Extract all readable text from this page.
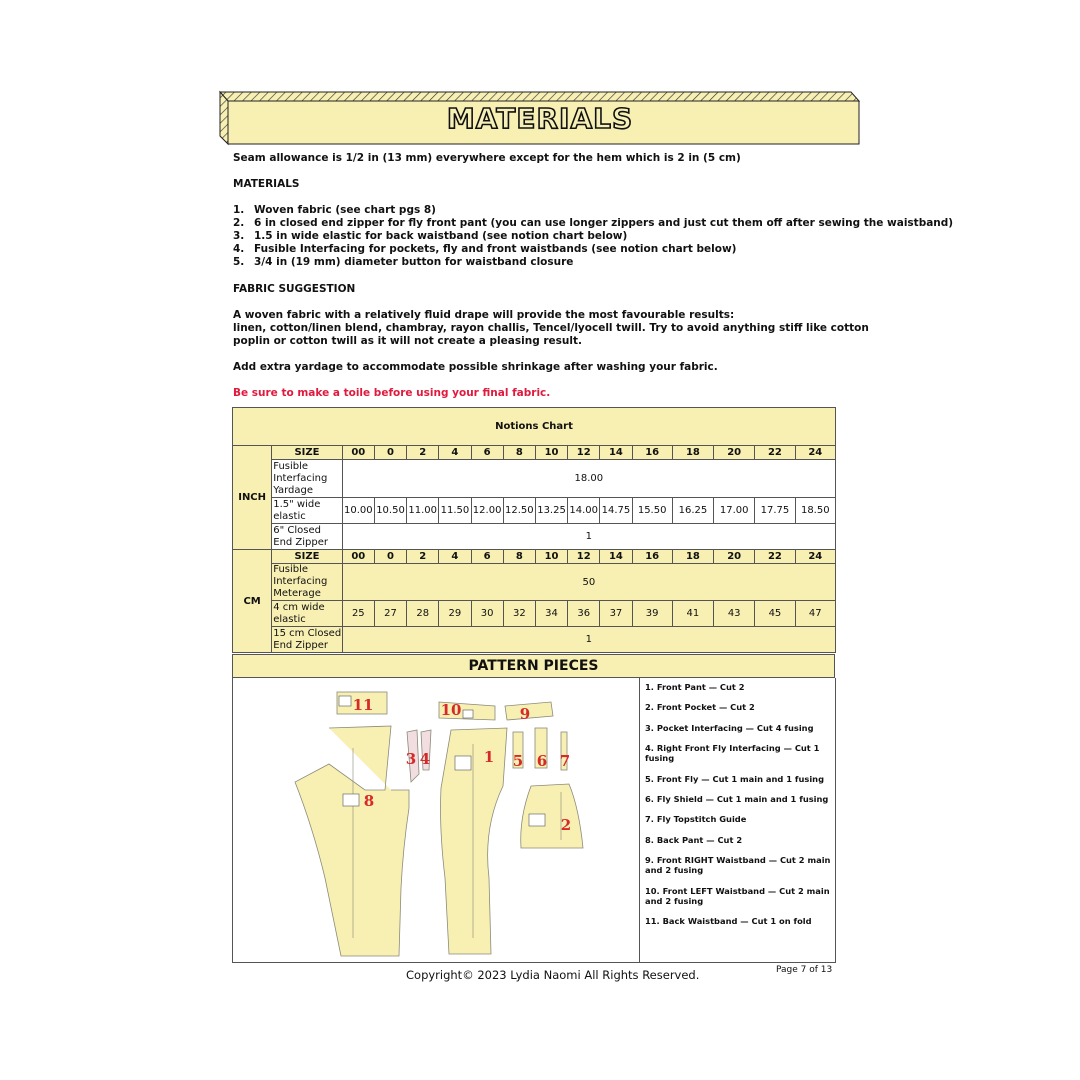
MATERIALS
Seam allowance is 1/2 in (13 mm) everywhere except for the hem which is 2 in (5 cm)
MATERIALS
1. Woven fabric (see chart pgs 8)
2. 6 in closed end zipper for fly front pant (you can use longer zippers and just cut them off after sewing the waistband)
3. 1.5 in wide elastic for back waistband (see notion chart below)
4. Fusible Interfacing for pockets, fly and front waistbands (see notion chart below)
5. 3/4 in (19 mm) diameter button for waistband closure
FABRIC SUGGESTION
A woven fabric with a relatively fluid drape will provide the most favourable results:
linen, cotton/linen blend, chambray, rayon challis, Tencel/lyocell twill. Try to avoid anything stiff like cotton poplin or cotton twill as it will not create a pleasing result.
Add extra yardage to accommodate possible shrinkage after washing your fabric.
Be sure to make a toile before using your final fabric.
Notions Chart															
INCH	SIZE	00	0	2	4	6	8	10	12	14	16	18	20	22	24
	Fusible Interfacing Yardage	18.00													
	1.5" wide elastic	10.00	10.50	11.00	11.50	12.00	12.50	13.25	14.00	14.75	15.50	16.25	17.00	17.75	18.50
	6" Closed End Zipper	1													
CM	SIZE	00	0	2	4	6	8	10	12	14	16	18	20	22	24
	Fusible Interfacing Meterage	50													
	4 cm wide elastic	25	27	28	29	30	32	34	36	37	39	41	43	45	47
	15 cm Closed End Zipper	1													
PATTERN PIECES
11	10	9
8
1
3 4	5 6 7
2
1. Front Pant — Cut 2
2. Front Pocket — Cut 2
3. Pocket Interfacing — Cut 4 fusing
4. Right Front Fly Interfacing — Cut 1 fusing
5. Front Fly — Cut 1 main and 1 fusing
6. Fly Shield — Cut 1 main and 1 fusing
7. Fly Topstitch Guide
8. Back Pant — Cut 2
9. Front RIGHT Waistband — Cut 2 main and 2 fusing
10. Front LEFT Waistband — Cut 2 main and 2 fusing
11. Back Waistband — Cut 1 on fold
Copyright© 2023 Lydia Naomi All Rights Reserved.	Page 7 of 13
